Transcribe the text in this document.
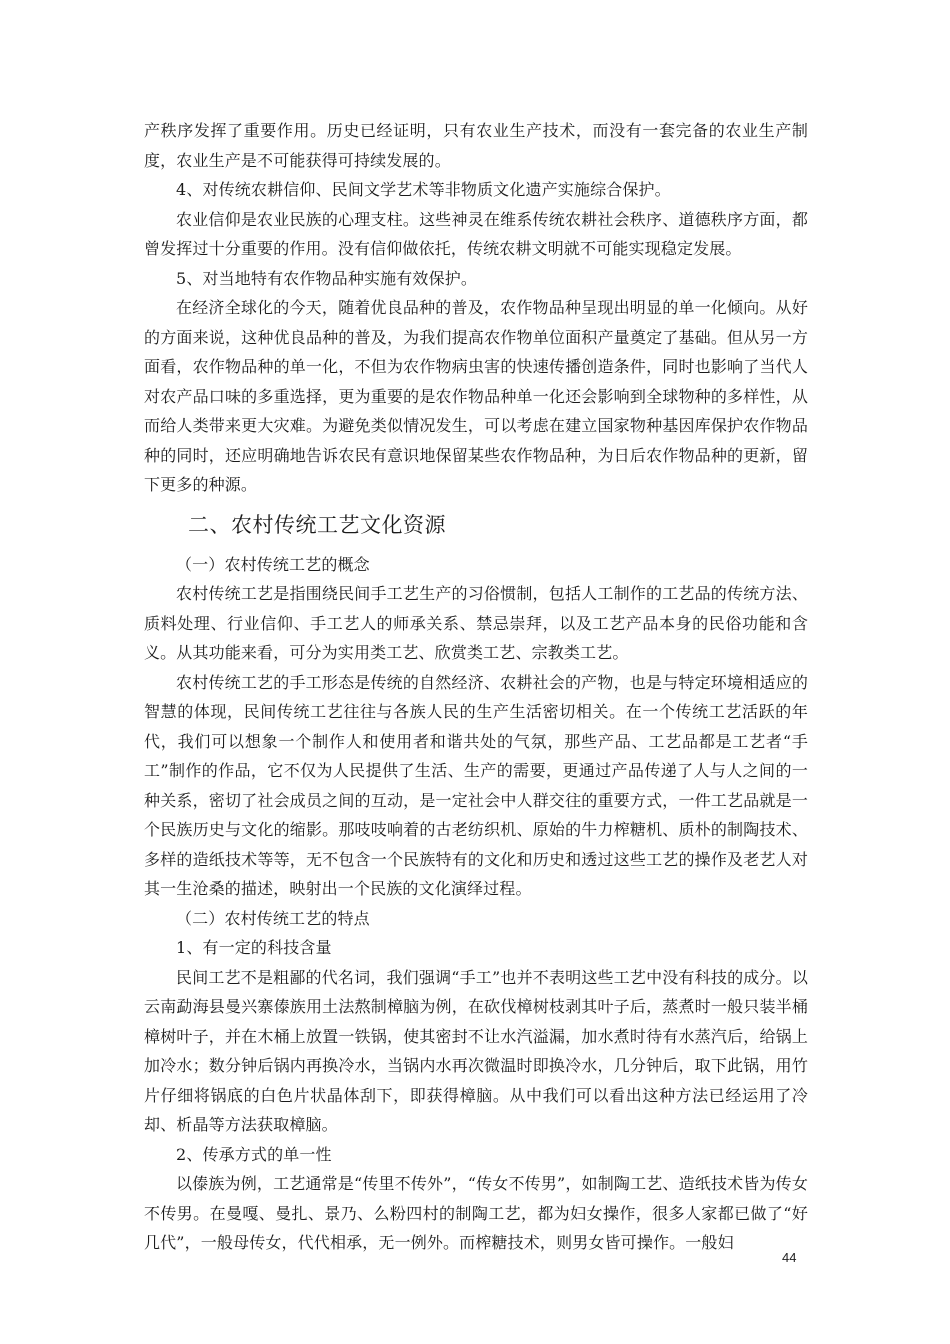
产秩序发挥了重要作用。历史已经证明，只有农业生产技术，而没有一套完备的农业生产制度，农业生产是不可能获得可持续发展的。

4、对传统农耕信仰、民间文学艺术等非物质文化遗产实施综合保护。

农业信仰是农业民族的心理支柱。这些神灵在维系传统农耕社会秩序、道德秩序方面，都曾发挥过十分重要的作用。没有信仰做依托，传统农耕文明就不可能实现稳定发展。

5、对当地特有农作物品种实施有效保护。

在经济全球化的今天，随着优良品种的普及，农作物品种呈现出明显的单一化倾向。从好的方面来说，这种优良品种的普及，为我们提高农作物单位面积产量奠定了基础。但从另一方面看，农作物品种的单一化，不但为农作物病虫害的快速传播创造条件，同时也影响了当代人对农产品口味的多重选择，更为重要的是农作物品种单一化还会影响到全球物种的多样性，从而给人类带来更大灾难。为避免类似情况发生，可以考虑在建立国家物种基因库保护农作物品种的同时，还应明确地告诉农民有意识地保留某些农作物品种，为日后农作物品种的更新，留下更多的种源。

二、农村传统工艺文化资源

（一）农村传统工艺的概念

农村传统工艺是指围绕民间手工艺生产的习俗惯制，包括人工制作的工艺品的传统方法、质料处理、行业信仰、手工艺人的师承关系、禁忌崇拜，以及工艺产品本身的民俗功能和含义。从其功能来看，可分为实用类工艺、欣赏类工艺、宗教类工艺。

农村传统工艺的手工形态是传统的自然经济、农耕社会的产物，也是与特定环境相适应的智慧的体现，民间传统工艺往往与各族人民的生产生活密切相关。在一个传统工艺活跃的年代，我们可以想象一个制作人和使用者和谐共处的气氛，那些产品、工艺品都是工艺者“手工”制作的作品，它不仅为人民提供了生活、生产的需要，更通过产品传递了人与人之间的一种关系，密切了社会成员之间的互动，是一定社会中人群交往的重要方式，一件工艺品就是一个民族历史与文化的缩影。那吱吱响着的古老纺织机、原始的牛力榨糖机、质朴的制陶技术、多样的造纸技术等等，无不包含一个民族特有的文化和历史和透过这些工艺的操作及老艺人对其一生沧桑的描述，映射出一个民族的文化演绎过程。

（二）农村传统工艺的特点

1、有一定的科技含量

民间工艺不是粗鄙的代名词，我们强调“手工”也并不表明这些工艺中没有科技的成分。以云南勐海县曼兴寨傣族用土法熬制樟脑为例，在砍伐樟树枝剥其叶子后，蒸煮时一般只装半桶樟树叶子，并在木桶上放置一铁锅，使其密封不让水汽溢漏，加水煮时待有水蒸汽后，给锅上加冷水；数分钟后锅内再换冷水，当锅内水再次微温时即换冷水，几分钟后，取下此锅，用竹片仔细将锅底的白色片状晶体刮下，即获得樟脑。从中我们可以看出这种方法已经运用了冷却、析晶等方法获取樟脑。

2、传承方式的单一性

以傣族为例，工艺通常是“传里不传外”，“传女不传男”，如制陶工艺、造纸技术皆为传女不传男。在曼嘎、曼扎、景乃、么粉四村的制陶工艺，都为妇女操作，很多人家都已做了“好几代”，一般母传女，代代相承，无一例外。而榨糖技术，则男女皆可操作。一般妇

44
